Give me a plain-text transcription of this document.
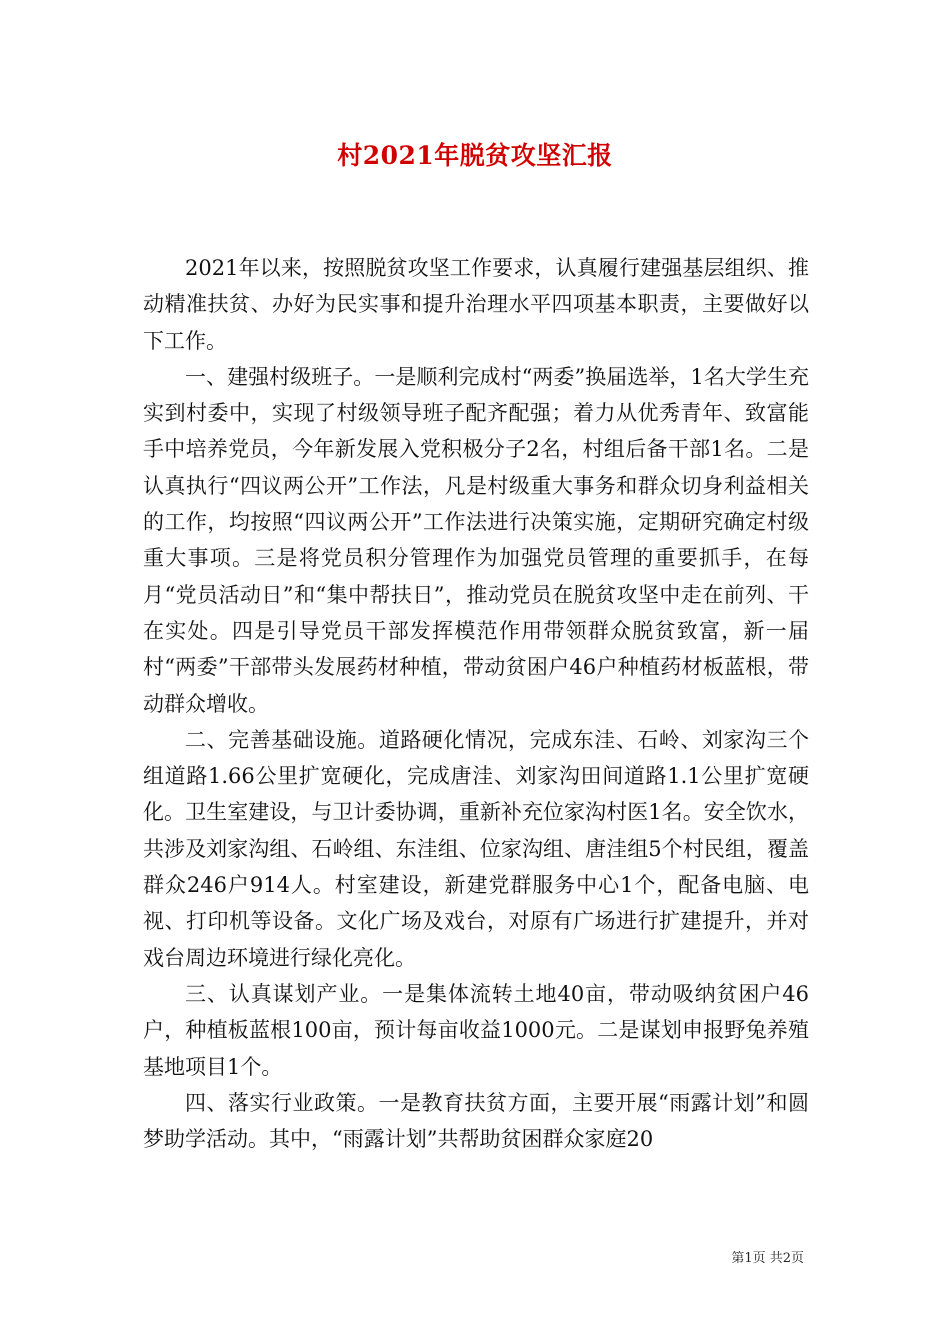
村2021年脱贫攻坚汇报

2021年以来，按照脱贫攻坚工作要求，认真履行建强基层组织、推动精准扶贫、办好为民实事和提升治理水平四项基本职责，主要做好以下工作。

一、建强村级班子。一是顺利完成村“两委”换届选举，1名大学生充实到村委中，实现了村级领导班子配齐配强；着力从优秀青年、致富能手中培养党员，今年新发展入党积极分子2名，村组后备干部1名。二是认真执行“四议两公开”工作法，凡是村级重大事务和群众切身利益相关的工作，均按照“四议两公开”工作法进行决策实施，定期研究确定村级重大事项。三是将党员积分管理作为加强党员管理的重要抓手，在每月“党员活动日”和“集中帮扶日”，推动党员在脱贫攻坚中走在前列、干在实处。四是引导党员干部发挥模范作用带领群众脱贫致富，新一届村“两委”干部带头发展药材种植，带动贫困户46户种植药材板蓝根，带动群众增收。

二、完善基础设施。道路硬化情况，完成东洼、石岭、刘家沟三个组道路1.66公里扩宽硬化，完成唐洼、刘家沟田间道路1.1公里扩宽硬化。卫生室建设，与卫计委协调，重新补充位家沟村医1名。安全饮水，共涉及刘家沟组、石岭组、东洼组、位家沟组、唐洼组5个村民组，覆盖群众246户914人。村室建设，新建党群服务中心1个，配备电脑、电视、打印机等设备。文化广场及戏台，对原有广场进行扩建提升，并对戏台周边环境进行绿化亮化。

三、认真谋划产业。一是集体流转土地40亩，带动吸纳贫困户46户，种植板蓝根100亩，预计每亩收益1000元。二是谋划申报野兔养殖基地项目1个。

四、落实行业政策。一是教育扶贫方面，主要开展“雨露计划”和圆梦助学活动。其中，“雨露计划”共帮助贫困群众家庭20

第1页 共2页
